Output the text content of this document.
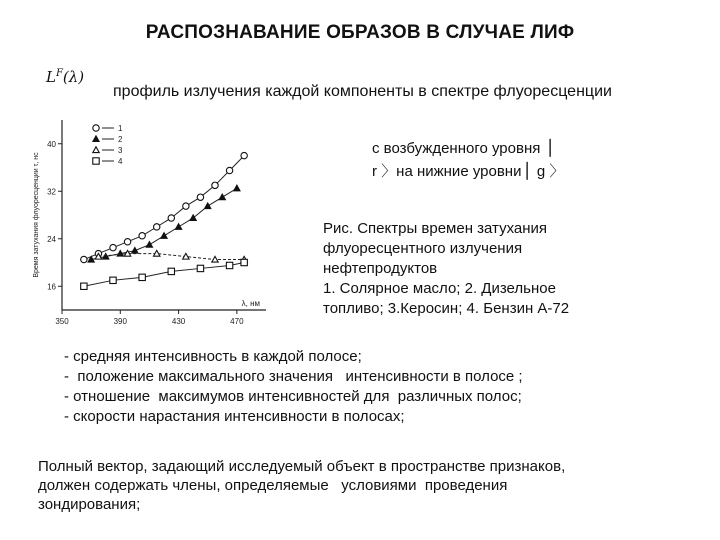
РАСПОЗНАВАНИЕ ОБРАЗОВ В СЛУЧАЕ ЛИФ
$L^F(\lambda)$
профиль излучения каждой компоненты в спектре флуоресценции
с возбужденного уровня ⎪
r 〉на нижние уровни⎪ g 〉
Рис. Спектры времен затухания
флуоресцентного излучения
нефтепродуктов
1. Солярное масло; 2. Дизельное
топливо; 3.Керосин; 4. Бензин А-72
- средняя интенсивность в каждой полосе;
-  положение максимального значения   интенсивности в полосе ;
- отношение  максимумов интенсивностей для  различных полос;
- скорости нарастания интенсивности в полосах;
Полный вектор, задающий исследуемый объект в пространстве признаков,
должен содержать члены, определяемые   условиями  проведения
зондирования;
350	390	430	470
16
24
32
40
λ, нм
Время затухания флуоресценции τ, нс
1
2
3
4
